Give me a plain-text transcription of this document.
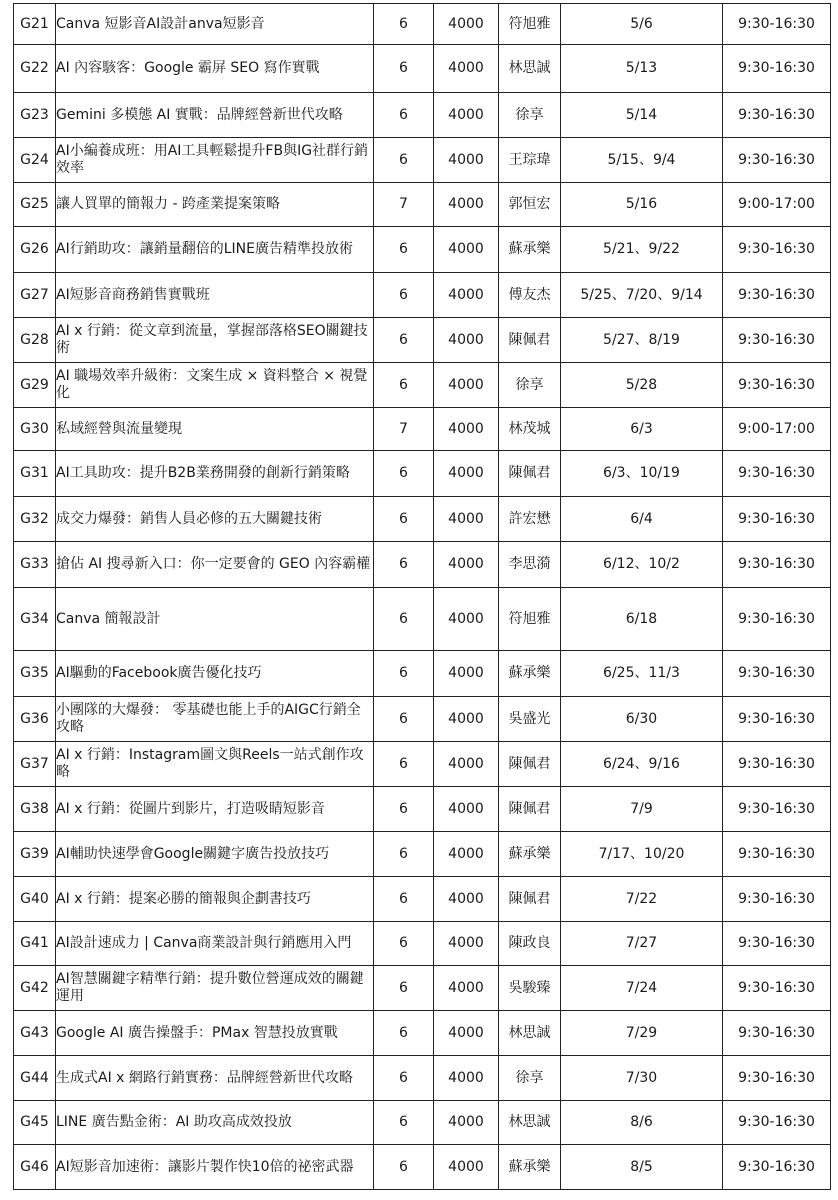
G21	Canva 短影音AI設計anva短影音	6	4000	符旭雅	5/6	9:30-16:30
G22	AI 內容駭客：Google 霸屏 SEO 寫作實戰	6	4000	林思誠	5/13	9:30-16:30
G23	Gemini 多模態 AI 實戰：品牌經營新世代攻略	6	4000	徐享	5/14	9:30-16:30
G24	AI小編養成班：用AI工具輕鬆提升FB與IG社群行銷效率	6	4000	王琮瑋	5/15、9/4	9:30-16:30
G25	讓人買單的簡報力 - 跨產業提案策略	7	4000	郭恒宏	5/16	9:00-17:00
G26	AI行銷助攻：讓銷量翻倍的LINE廣告精準投放術	6	4000	蘇承樂	5/21、9/22	9:30-16:30
G27	AI短影音商務銷售實戰班	6	4000	傅友杰	5/25、7/20、9/14	9:30-16:30
G28	AI x 行銷：從文章到流量，掌握部落格SEO關鍵技術	6	4000	陳佩君	5/27、8/19	9:30-16:30
G29	AI 職場效率升級術：文案生成 × 資料整合 × 視覺化	6	4000	徐享	5/28	9:30-16:30
G30	私域經營與流量變現	7	4000	林茂城	6/3	9:00-17:00
G31	AI工具助攻：提升B2B業務開發的創新行銷策略	6	4000	陳佩君	6/3、10/19	9:30-16:30
G32	成交力爆發：銷售人員必修的五大關鍵技術	6	4000	許宏懋	6/4	9:30-16:30
G33	搶佔 AI 搜尋新入口：你一定要會的 GEO 內容霸權	6	4000	李思漪	6/12、10/2	9:30-16:30
G34	Canva 簡報設計	6	4000	符旭雅	6/18	9:30-16:30
G35	AI驅動的Facebook廣告優化技巧	6	4000	蘇承樂	6/25、11/3	9:30-16:30
G36	小團隊的大爆發： 零基礎也能上手的AIGC行銷全攻略	6	4000	吳盛光	6/30	9:30-16:30
G37	AI x 行銷：Instagram圖文與Reels一站式創作攻略	6	4000	陳佩君	6/24、9/16	9:30-16:30
G38	AI x 行銷：從圖片到影片，打造吸睛短影音	6	4000	陳佩君	7/9	9:30-16:30
G39	AI輔助快速學會Google關鍵字廣告投放技巧	6	4000	蘇承樂	7/17、10/20	9:30-16:30
G40	AI x 行銷：提案必勝的簡報與企劃書技巧	6	4000	陳佩君	7/22	9:30-16:30
G41	AI設計速成力 | Canva商業設計與行銷應用入門	6	4000	陳政良	7/27	9:30-16:30
G42	AI智慧關鍵字精準行銷：提升數位營運成效的關鍵運用	6	4000	吳駿臻	7/24	9:30-16:30
G43	Google AI 廣告操盤手：PMax 智慧投放實戰	6	4000	林思誠	7/29	9:30-16:30
G44	生成式AI x 網路行銷實務：品牌經營新世代攻略	6	4000	徐享	7/30	9:30-16:30
G45	LINE 廣告點金術：AI 助攻高成效投放	6	4000	林思誠	8/6	9:30-16:30
G46	AI短影音加速術：讓影片製作快10倍的祕密武器	6	4000	蘇承樂	8/5	9:30-16:30
